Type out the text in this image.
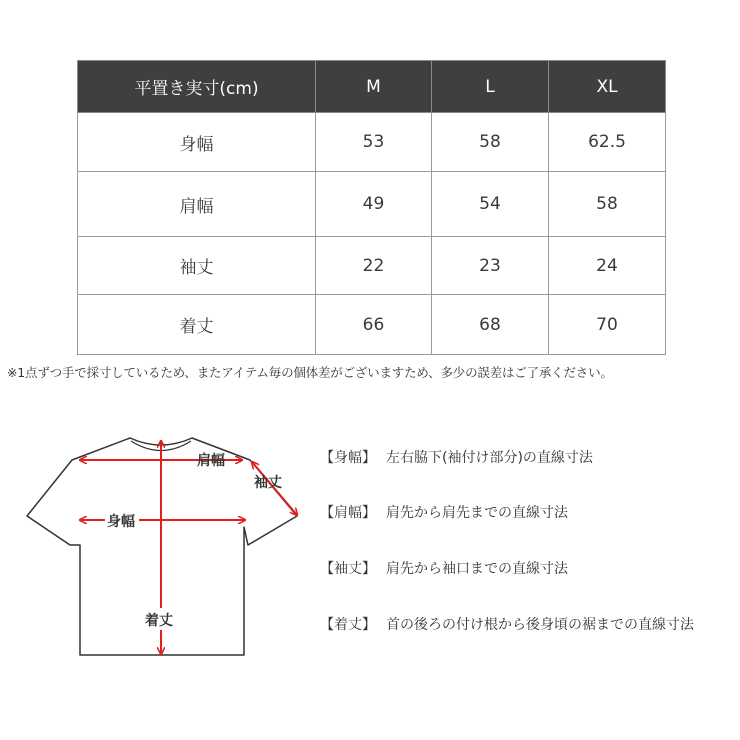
平置き実寸(cm)	M	L	XL
身幅	53	58	62.5
肩幅	49	54	58
袖丈	22	23	24
着丈	66	68	70
※1点ずつ手で採寸しているため、またアイテム毎の個体差がございますため、多少の誤差はご了承ください。
肩幅
袖丈
身幅
着丈
【身幅】 左右脇下(袖付け部分)の直線寸法
【肩幅】 肩先から肩先までの直線寸法
【袖丈】 肩先から袖口までの直線寸法
【着丈】 首の後ろの付け根から後身頃の裾までの直線寸法
